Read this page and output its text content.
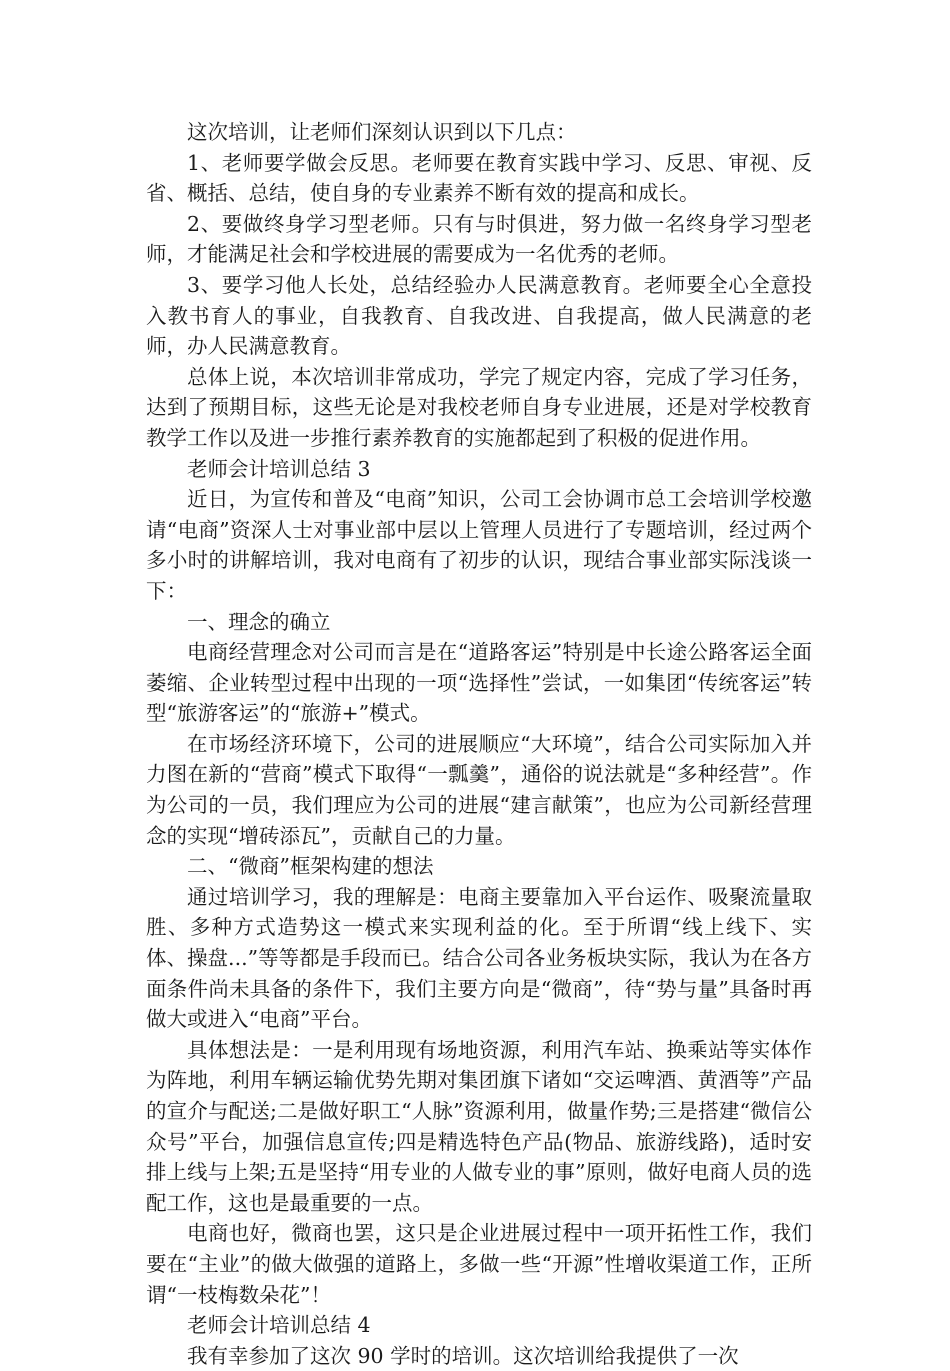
这次培训，让老师们深刻认识到以下几点：

1、老师要学做会反思。老师要在教育实践中学习、反思、审视、反省、概括、总结，使自身的专业素养不断有效的提高和成长。

2、要做终身学习型老师。只有与时俱进，努力做一名终身学习型老师，才能满足社会和学校进展的需要成为一名优秀的老师。

3、要学习他人长处，总结经验办人民满意教育。老师要全心全意投入教书育人的事业，自我教育、自我改进、自我提高，做人民满意的老师，办人民满意教育。

总体上说，本次培训非常成功，学完了规定内容，完成了学习任务，达到了预期目标，这些无论是对我校老师自身专业进展，还是对学校教育教学工作以及进一步推行素养教育的实施都起到了积极的促进作用。

老师会计培训总结 3

近日，为宣传和普及“电商”知识，公司工会协调市总工会培训学校邀请“电商”资深人士对事业部中层以上管理人员进行了专题培训，经过两个多小时的讲解培训，我对电商有了初步的认识，现结合事业部实际浅谈一下：

一、理念的确立

电商经营理念对公司而言是在“道路客运”特别是中长途公路客运全面萎缩、企业转型过程中出现的一项“选择性”尝试，一如集团“传统客运”转型“旅游客运”的“旅游+”模式。

在市场经济环境下，公司的进展顺应“大环境”，结合公司实际加入并力图在新的“营商”模式下取得“一瓢羹”，通俗的说法就是“多种经营”。作为公司的一员，我们理应为公司的进展“建言献策”，也应为公司新经营理念的实现“增砖添瓦”，贡献自己的力量。

二、“微商”框架构建的想法

通过培训学习，我的理解是：电商主要靠加入平台运作、吸聚流量取胜、多种方式造势这一模式来实现利益的化。至于所谓“线上线下、实体、操盘...”等等都是手段而已。结合公司各业务板块实际，我认为在各方面条件尚未具备的条件下，我们主要方向是“微商”，待“势与量”具备时再做大或进入“电商”平台。

具体想法是：一是利用现有场地资源，利用汽车站、换乘站等实体作为阵地，利用车辆运输优势先期对集团旗下诸如“交运啤酒、黄酒等”产品的宣介与配送;二是做好职工“人脉”资源利用，做量作势;三是搭建“微信公众号”平台，加强信息宣传;四是精选特色产品(物品、旅游线路)，适时安排上线与上架;五是坚持“用专业的人做专业的事”原则，做好电商人员的选配工作，这也是最重要的一点。

电商也好，微商也罢，这只是企业进展过程中一项开拓性工作，我们要在“主业”的做大做强的道路上，多做一些“开源”性增收渠道工作，正所谓“一枝梅数朵花”！

老师会计培训总结 4

我有幸参加了这次 90 学时的培训。这次培训给我提供了一次
